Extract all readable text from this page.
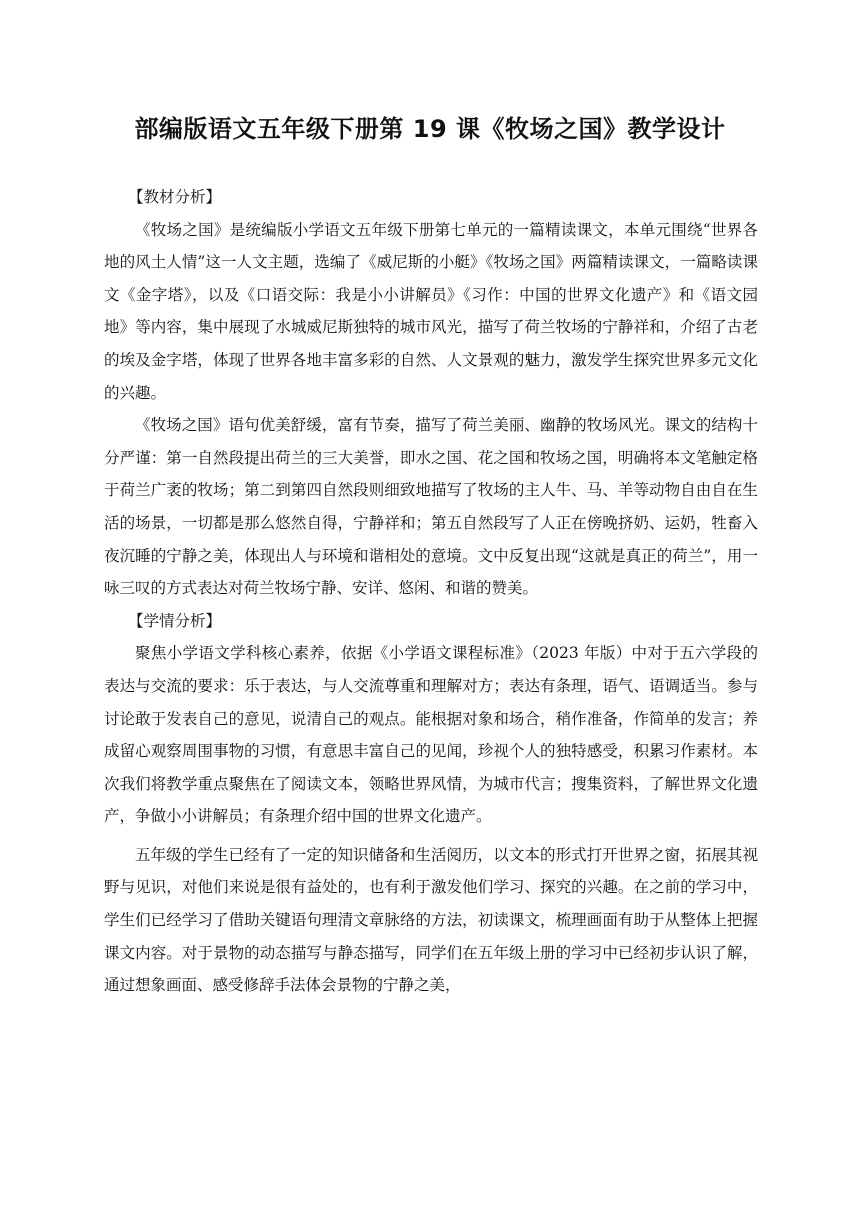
部编版语文五年级下册第 19 课《牧场之国》教学设计
【教材分析】

《牧场之国》是统编版小学语文五年级下册第七单元的一篇精读课文，本单元围绕“世界各地的风土人情”这一人文主题，选编了《威尼斯的小艇》《牧场之国》两篇精读课文，一篇略读课文《金字塔》，以及《口语交际：我是小小讲解员》《习作：中国的世界文化遗产》和《语文园地》等内容，集中展现了水城威尼斯独特的城市风光，描写了荷兰牧场的宁静祥和，介绍了古老的埃及金字塔，体现了世界各地丰富多彩的自然、人文景观的魅力，激发学生探究世界多元文化的兴趣。

《牧场之国》语句优美舒缓，富有节奏，描写了荷兰美丽、幽静的牧场风光。课文的结构十分严谨：第一自然段提出荷兰的三大美誉，即水之国、花之国和牧场之国，明确将本文笔触定格于荷兰广袤的牧场；第二到第四自然段则细致地描写了牧场的主人牛、马、羊等动物自由自在生活的场景，一切都是那么悠然自得，宁静祥和；第五自然段写了人正在傍晚挤奶、运奶，牲畜入夜沉睡的宁静之美，体现出人与环境和谐相处的意境。文中反复出现“这就是真正的荷兰”，用一咏三叹的方式表达对荷兰牧场宁静、安详、悠闲、和谐的赞美。

【学情分析】

聚焦小学语文学科核心素养，依据《小学语文课程标准》（2023 年版）中对于五六学段的表达与交流的要求：乐于表达，与人交流尊重和理解对方；表达有条理，语气、语调适当。参与讨论敢于发表自己的意见，说清自己的观点。能根据对象和场合，稍作准备，作简单的发言；养成留心观察周围事物的习惯，有意思丰富自己的见闻，珍视个人的独特感受，积累习作素材。本次我们将教学重点聚焦在了阅读文本，领略世界风情，为城市代言；搜集资料，了解世界文化遗产，争做小小讲解员；有条理介绍中国的世界文化遗产。

五年级的学生已经有了一定的知识储备和生活阅历，以文本的形式打开世界之窗，拓展其视野与见识，对他们来说是很有益处的，也有利于激发他们学习、探究的兴趣。在之前的学习中，学生们已经学习了借助关键语句理清文章脉络的方法，初读课文，梳理画面有助于从整体上把握课文内容。对于景物的动态描写与静态描写，同学们在五年级上册的学习中已经初步认识了解，通过想象画面、感受修辞手法体会景物的宁静之美，
